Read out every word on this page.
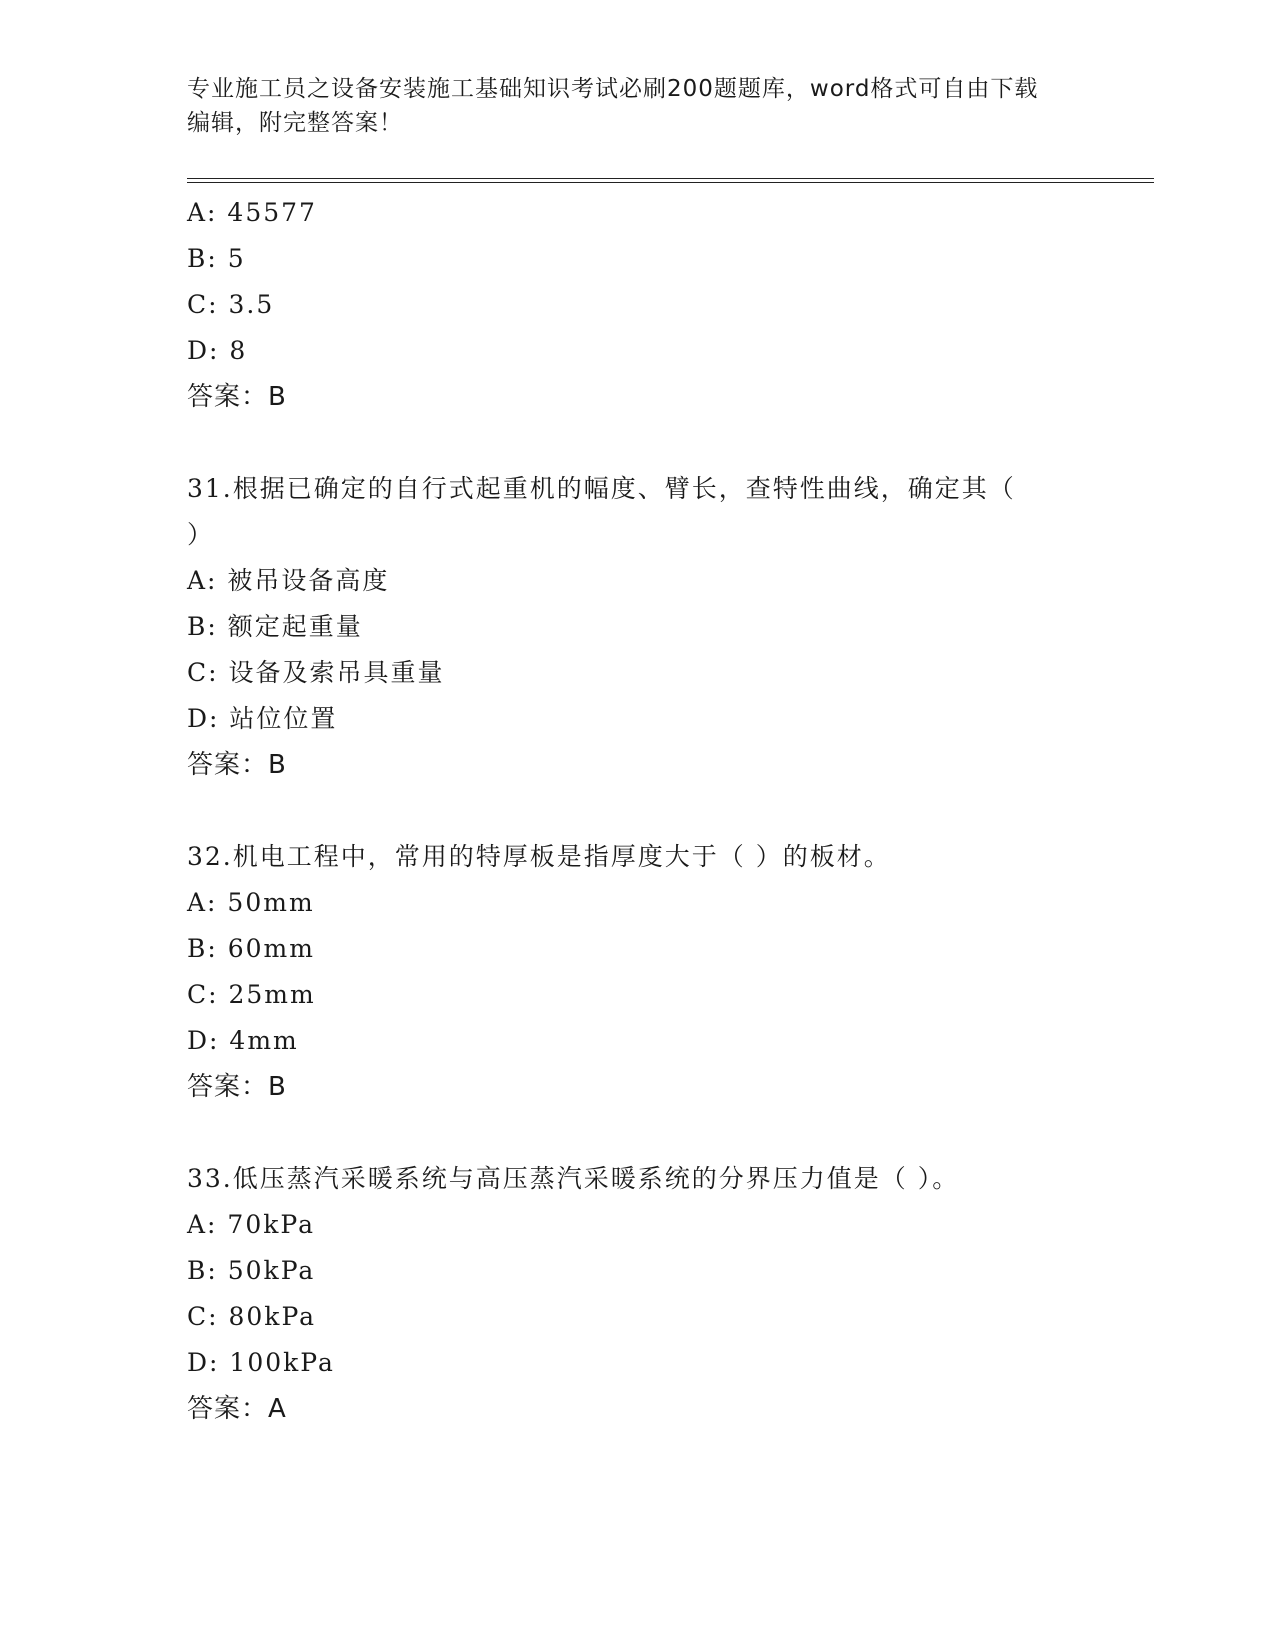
专业施工员之设备安装施工基础知识考试必刷200题题库，word格式可自由下载
编辑，附完整答案！
A: 45577
B: 5
C: 3.5
D: 8
答案：B
31.根据已确定的自行式起重机的幅度、臂长，查特性曲线，确定其（
）
A: 被吊设备高度
B: 额定起重量
C: 设备及索吊具重量
D: 站位位置
答案：B
32.机电工程中，常用的特厚板是指厚度大于（ ）的板材。
A: 50mm
B: 60mm
C: 25mm
D: 4mm
答案：B
33.低压蒸汽采暖系统与高压蒸汽采暖系统的分界压力值是（ ）。
A: 70kPa
B: 50kPa
C: 80kPa
D: 100kPa
答案：A
